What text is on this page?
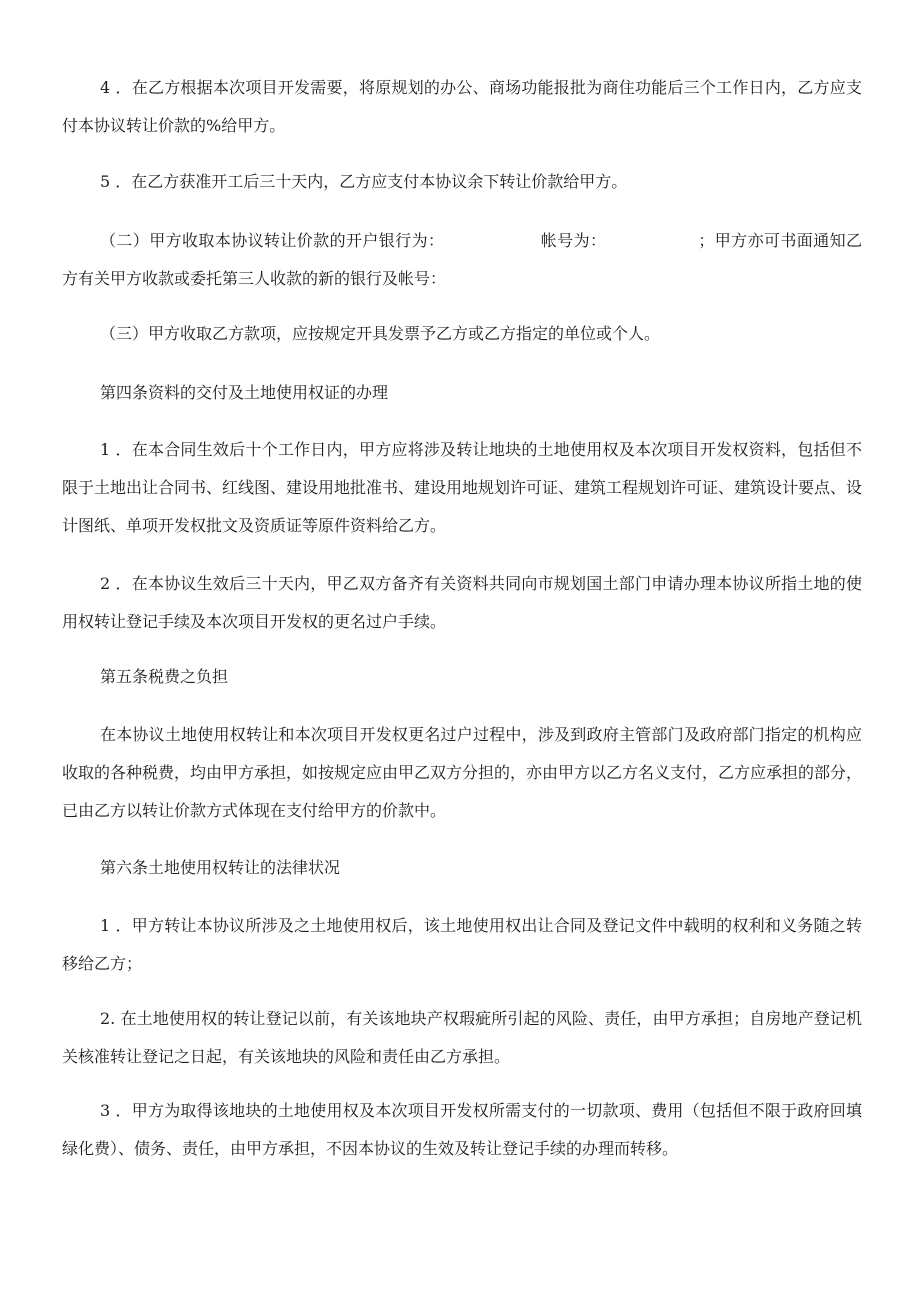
4 ．在乙方根据本次项目开发需要，将原规划的办公、商场功能报批为商住功能后三个工作日内，乙方应支付本协议转让价款的%给甲方。

5 ．在乙方获准开工后三十天内，乙方应支付本协议余下转让价款给甲方。

（二）甲方收取本协议转让价款的开户银行为：	帐号为：	；甲方亦可书面通知乙方有关甲方收款或委托第三人收款的新的银行及帐号：

（三）甲方收取乙方款项，应按规定开具发票予乙方或乙方指定的单位或个人。

第四条资料的交付及土地使用权证的办理

1 ．在本合同生效后十个工作日内，甲方应将涉及转让地块的土地使用权及本次项目开发权资料，包括但不限于土地出让合同书、红线图、建设用地批准书、建设用地规划许可证、建筑工程规划许可证、建筑设计要点、设计图纸、单项开发权批文及资质证等原件资料给乙方。

2 ．在本协议生效后三十天内，甲乙双方备齐有关资料共同向市规划国土部门申请办理本协议所指土地的使用权转让登记手续及本次项目开发权的更名过户手续。

第五条税费之负担

在本协议土地使用权转让和本次项目开发权更名过户过程中，涉及到政府主管部门及政府部门指定的机构应收取的各种税费，均由甲方承担，如按规定应由甲乙双方分担的，亦由甲方以乙方名义支付，乙方应承担的部分，已由乙方以转让价款方式体现在支付给甲方的价款中。

第六条土地使用权转让的法律状况

1 ．甲方转让本协议所涉及之土地使用权后，该土地使用权出让合同及登记文件中载明的权利和义务随之转移给乙方；

2. 在土地使用权的转让登记以前，有关该地块产权瑕疵所引起的风险、责任，由甲方承担；自房地产登记机关核准转让登记之日起，有关该地块的风险和责任由乙方承担。

3 ．甲方为取得该地块的土地使用权及本次项目开发权所需支付的一切款项、费用（包括但不限于政府回填绿化费）、债务、责任，由甲方承担，不因本协议的生效及转让登记手续的办理而转移。
